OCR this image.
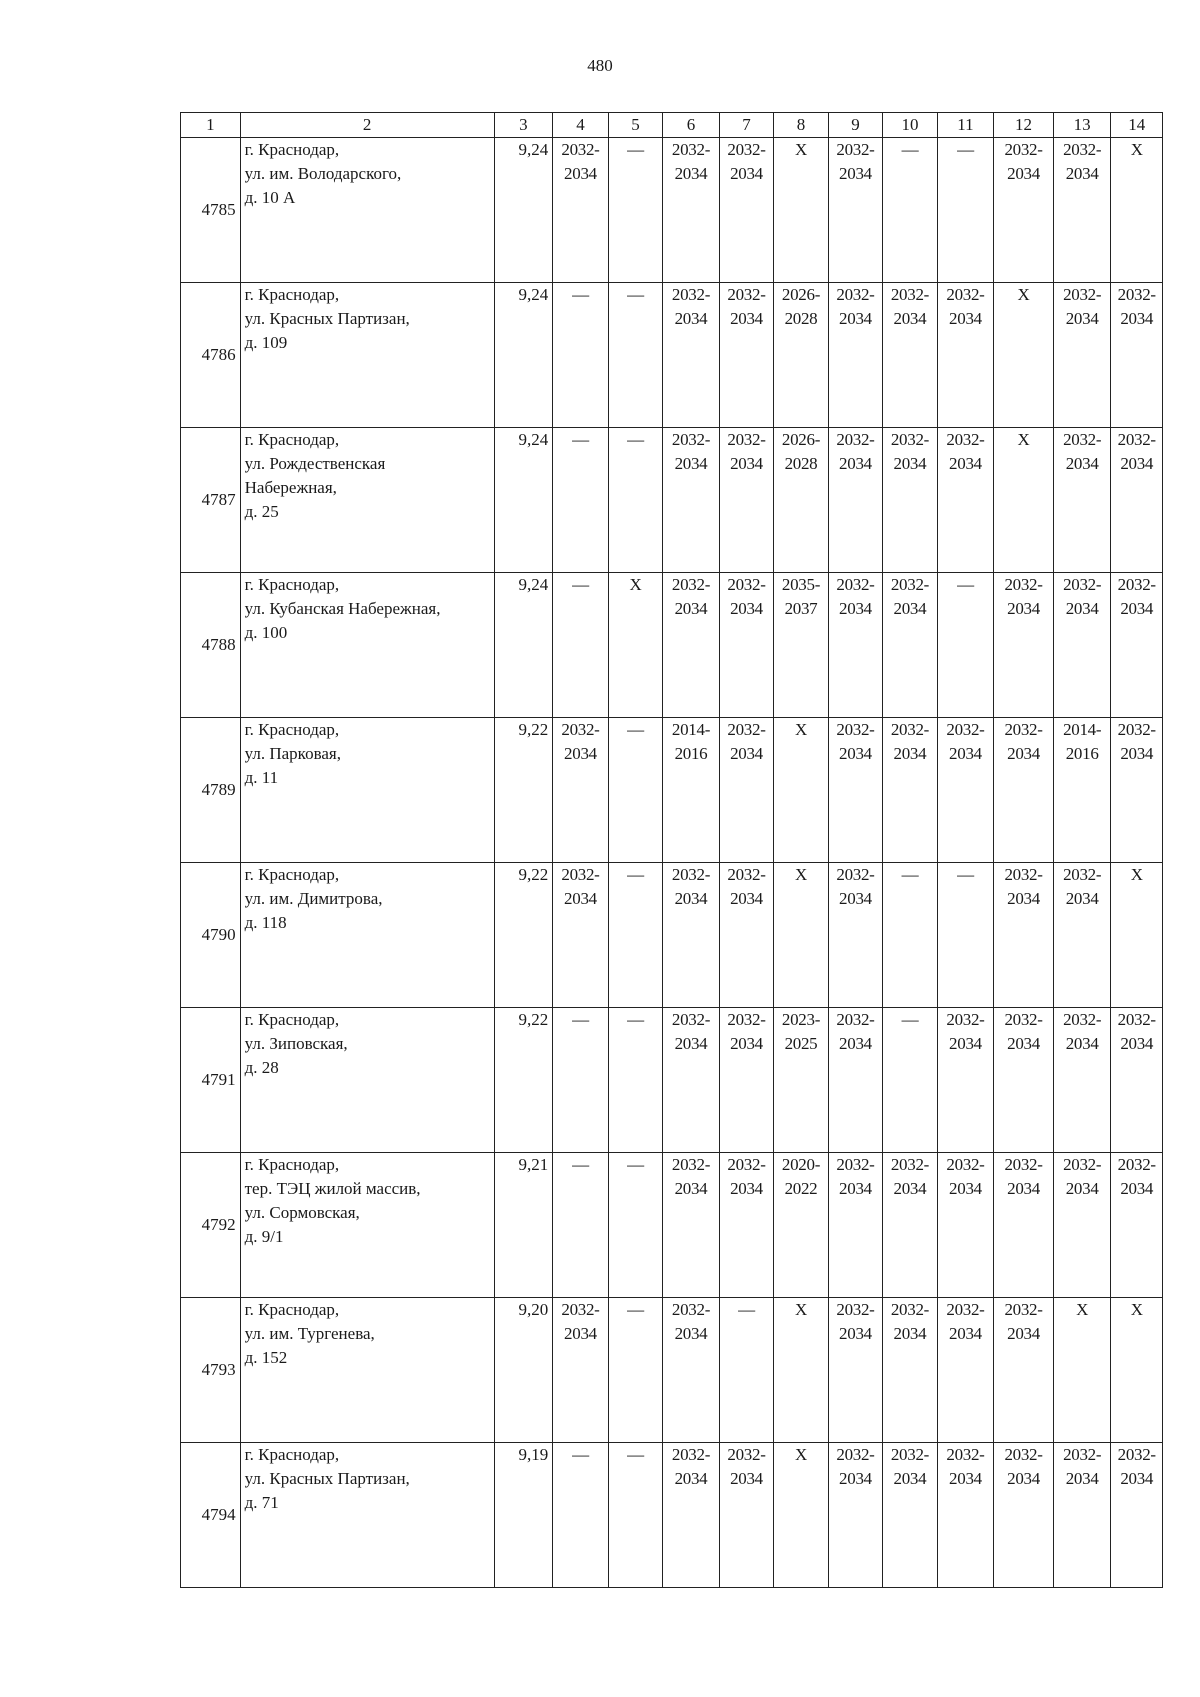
480
1	2	3	4	5	6	7	8	9	10	11	12	13	14
4785	г. Краснодар,
ул. им. Володарского,
д. 10 А	9,24	2032-
2034	—	2032-
2034	2032-
2034	X	2032-
2034	—	—	2032-
2034	2032-
2034	X
4786	г. Краснодар,
ул. Красных Партизан,
д. 109	9,24	—	—	2032-
2034	2032-
2034	2026-
2028	2032-
2034	2032-
2034	2032-
2034	X	2032-
2034	2032-
2034
4787	г. Краснодар,
ул. Рождественская
Набережная,
д. 25	9,24	—	—	2032-
2034	2032-
2034	2026-
2028	2032-
2034	2032-
2034	2032-
2034	X	2032-
2034	2032-
2034
4788	г. Краснодар,
ул. Кубанская Набережная,
д. 100	9,24	—	X	2032-
2034	2032-
2034	2035-
2037	2032-
2034	2032-
2034	—	2032-
2034	2032-
2034	2032-
2034
4789	г. Краснодар,
ул. Парковая,
д. 11	9,22	2032-
2034	—	2014-
2016	2032-
2034	X	2032-
2034	2032-
2034	2032-
2034	2032-
2034	2014-
2016	2032-
2034
4790	г. Краснодар,
ул. им. Димитрова,
д. 118	9,22	2032-
2034	—	2032-
2034	2032-
2034	X	2032-
2034	—	—	2032-
2034	2032-
2034	X
4791	г. Краснодар,
ул. Зиповская,
д. 28	9,22	—	—	2032-
2034	2032-
2034	2023-
2025	2032-
2034	—	2032-
2034	2032-
2034	2032-
2034	2032-
2034
4792	г. Краснодар,
тер. ТЭЦ жилой массив,
ул. Сормовская,
д. 9/1	9,21	—	—	2032-
2034	2032-
2034	2020-
2022	2032-
2034	2032-
2034	2032-
2034	2032-
2034	2032-
2034	2032-
2034
4793	г. Краснодар,
ул. им. Тургенева,
д. 152	9,20	2032-
2034	—	2032-
2034	—	X	2032-
2034	2032-
2034	2032-
2034	2032-
2034	X	X
4794	г. Краснодар,
ул. Красных Партизан,
д. 71	9,19	—	—	2032-
2034	2032-
2034	X	2032-
2034	2032-
2034	2032-
2034	2032-
2034	2032-
2034	2032-
2034
